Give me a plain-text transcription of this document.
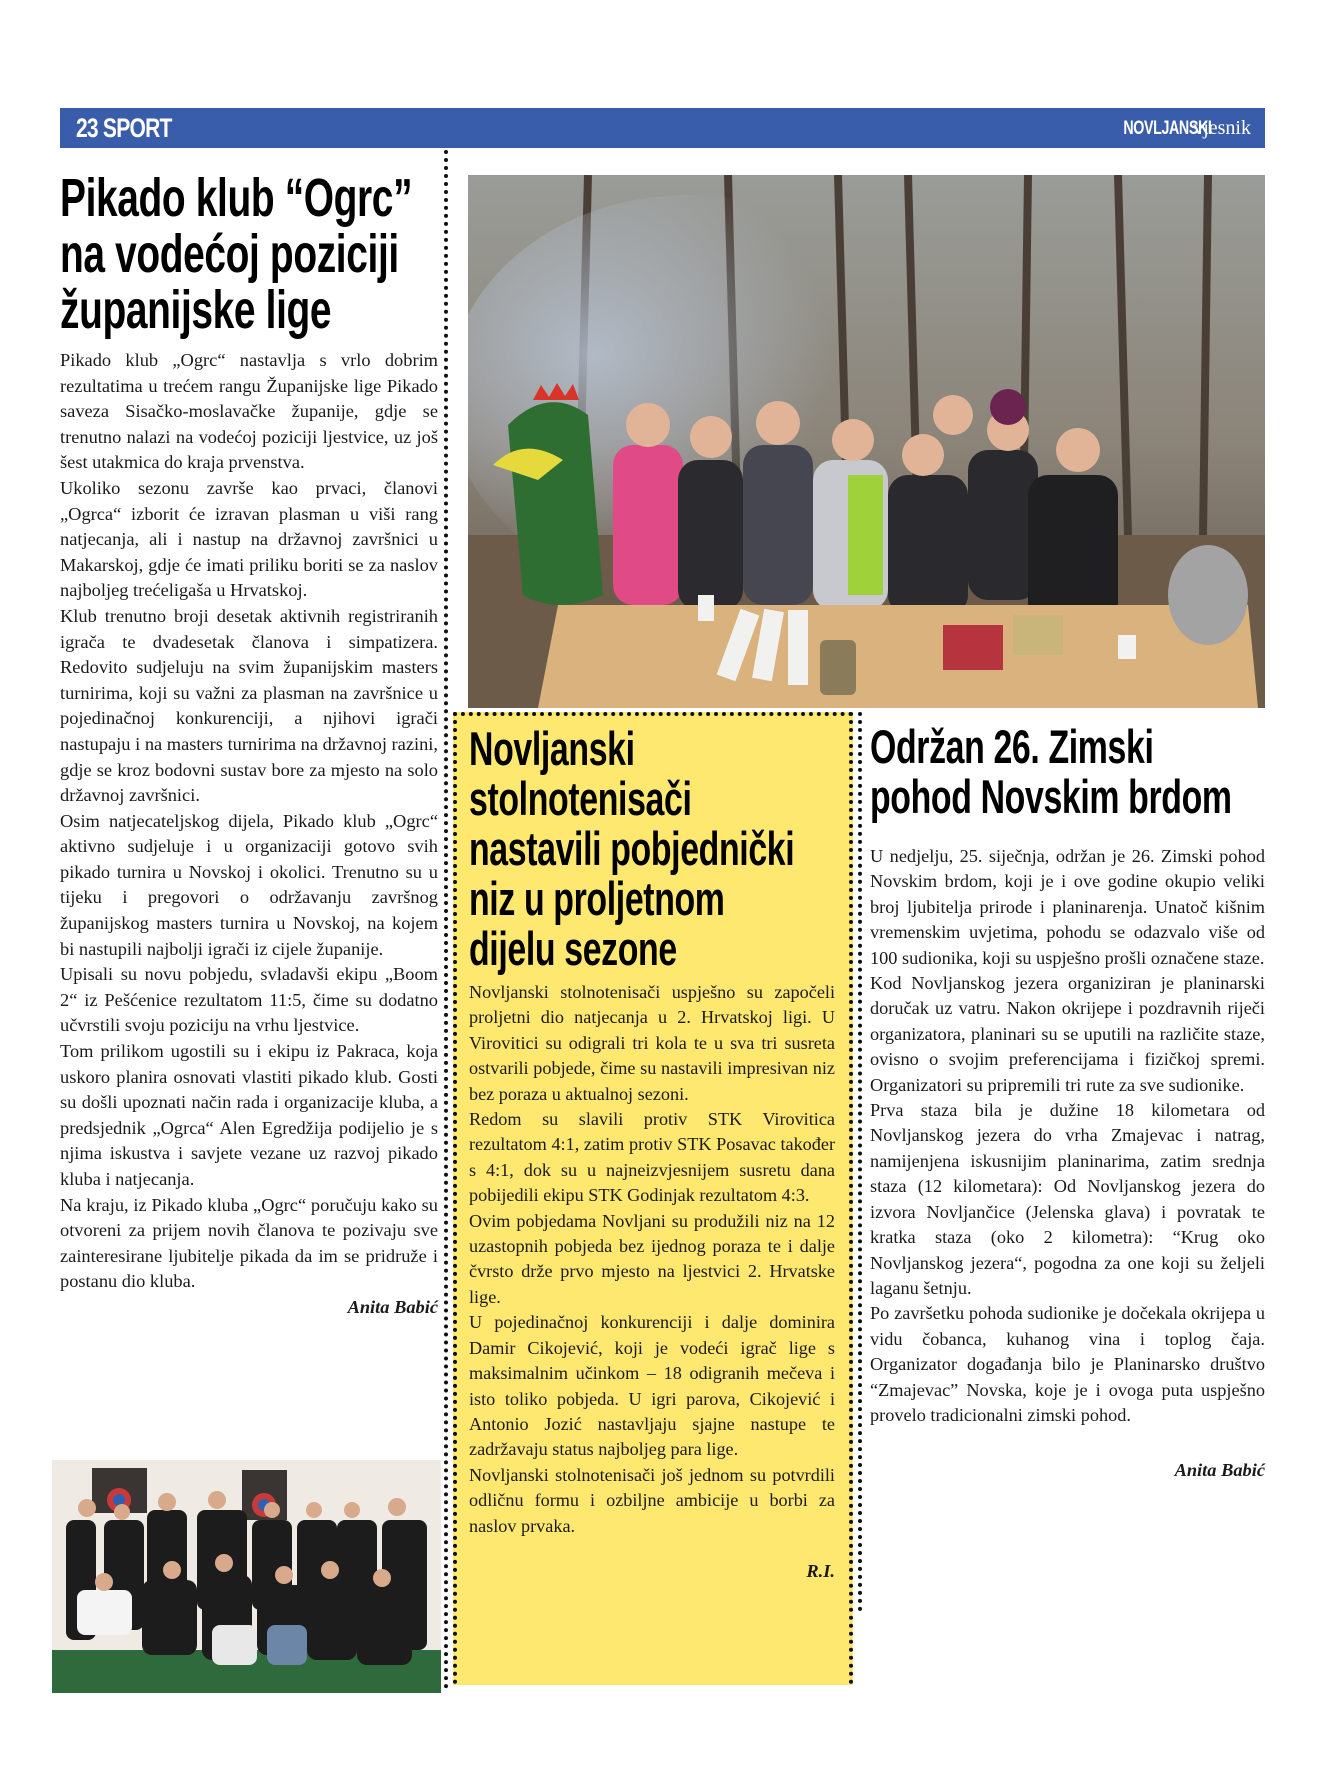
23 SPORT	NOVLJANSKI
vjesnik
Pikado klub “Ogrc”
na vodećoj poziciji
županijske lige

Pikado klub „Ogrc“ nastavlja s vrlo dobrim rezultatima u trećem rangu Županijske lige Pikado saveza Sisačko-moslavačke županije, gdje se trenutno nalazi na vodećoj poziciji ljestvice, uz još šest utakmica do kraja prvenstva.

Ukoliko sezonu završe kao prvaci, članovi „Ogrca“ izborit će izravan plasman u viši rang natjecanja, ali i nastup na državnoj završnici u Makarskoj, gdje će imati priliku boriti se za naslov najboljeg trećeligaša u Hrvatskoj.

Klub trenutno broji desetak aktivnih registriranih igrača te dvadesetak članova i simpatizera. Redovito sudjeluju na svim županijskim masters turnirima, koji su važni za plasman na završnice u pojedinačnoj konkurenciji, a njihovi igrači nastupaju i na masters turnirima na državnoj razini, gdje se kroz bodovni sustav bore za mjesto na solo državnoj završnici.

Osim natjecateljskog dijela, Pikado klub „Ogrc“ aktivno sudjeluje i u organizaciji gotovo svih pikado turnira u Novskoj i okolici. Trenutno su u tijeku i pregovori o održavanju završnog županijskog masters turnira u Novskoj, na kojem bi nastupili najbolji igrači iz cijele županije.

Upisali su novu pobjedu, svladavši ekipu „Boom 2“ iz Pešćenice rezultatom 11:5, čime su dodatno učvrstili svoju poziciju na vrhu ljestvice.

Tom prilikom ugostili su i ekipu iz Pakraca, koja uskoro planira osnovati vlastiti pikado klub. Gosti su došli upoznati način rada i organizacije kluba, a predsjednik „Ogrca“ Alen Egredžija podijelio je s njima iskustva i savjete vezane uz razvoj pikado kluba i natjecanja.

Na kraju, iz Pikado kluba „Ogrc“ poručuju kako su otvoreni za prijem novih članova te pozivaju sve zainteresirane ljubitelje pikada da im se pridruže i postanu dio kluba.

Anita Babić
Novljanski
stolnotenisači
nastavili pobjednički
niz u proljetnom
dijelu sezone

Novljanski stolnotenisači uspješno su započeli proljetni dio natjecanja u 2. Hrvatskoj ligi. U Virovitici su odigrali tri kola te u sva tri susreta ostvarili pobjede, čime su nastavili impresivan niz bez poraza u aktualnoj sezoni.

Redom su slavili protiv STK Virovitica rezultatom 4:1, zatim protiv STK Posavac također s 4:1, dok su u najneizvjesnijem susretu dana pobijedili ekipu STK Godinjak rezultatom 4:3.

Ovim pobjedama Novljani su produžili niz na 12 uzastopnih pobjeda bez ijednog poraza te i dalje čvrsto drže prvo mjesto na ljestvici 2. Hrvatske lige.

U pojedinačnoj konkurenciji i dalje dominira Damir Cikojević, koji je vodeći igrač lige s maksimalnim učinkom – 18 odigranih mečeva i isto toliko pobjeda. U igri parova, Cikojević i Antonio Jozić nastavljaju sjajne nastupe te zadržavaju status najboljeg para lige.

Novljanski stolnotenisači još jednom su potvrdili odličnu formu i ozbiljne ambicije u borbi za naslov prvaka.

R.I.
Održan 26. Zimski
pohod Novskim brdom

U nedjelju, 25. siječnja, održan je 26. Zimski pohod Novskim brdom, koji je i ove godine okupio veliki broj ljubitelja prirode i planinarenja. Unatoč kišnim vremenskim uvjetima, pohodu se odazvalo više od 100 sudionika, koji su uspješno prošli označene staze.

Kod Novljanskog jezera organiziran je planinarski doručak uz vatru. Nakon okrijepe i pozdravnih riječi organizatora, planinari su se uputili na različite staze, ovisno o svojim preferencijama i fizičkoj spremi. Organizatori su pripremili tri rute za sve sudionike.

Prva staza bila je dužine 18 kilometara od Novljanskog jezera do vrha Zmajevac i natrag, namijenjena iskusnijim planinarima, zatim srednja staza (12 kilometara): Od Novljanskog jezera do izvora Novljančice (Jelenska glava) i povratak te kratka staza (oko 2 kilometra): “Krug oko Novljanskog jezera“, pogodna za one koji su željeli laganu šetnju.

Po završetku pohoda sudionike je dočekala okrijepa u vidu čobanca, kuhanog vina i toplog čaja. Organizator događanja bilo je Planinarsko društvo “Zmajevac” Novska, koje je i ovoga puta uspješno provelo tradicionalni zimski pohod.

Anita Babić
